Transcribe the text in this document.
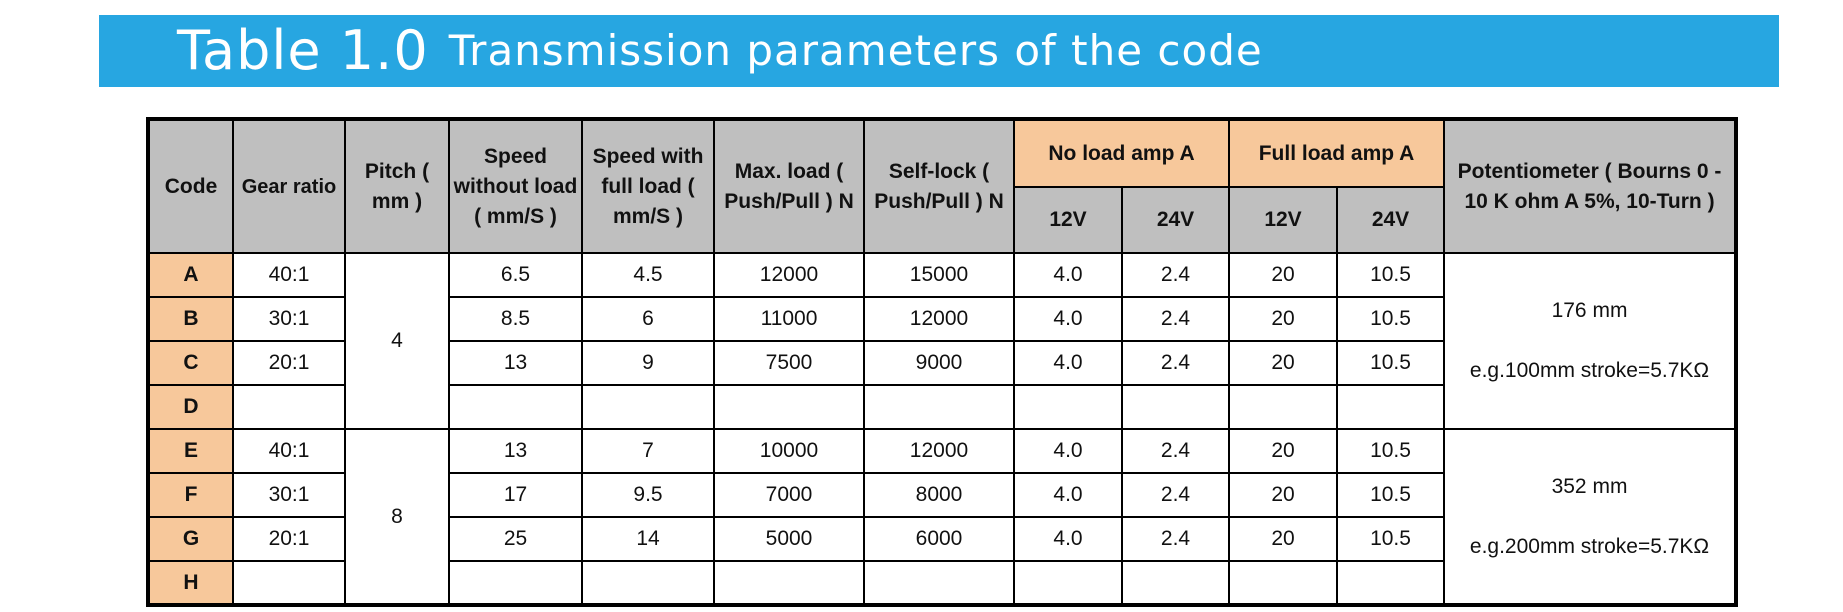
Table 1.0 Transmission parameters of the code
Code	Gear ratio	Pitch ( mm )	Speed without load ( mm/S )	Speed with full load ( mm/S )	Max. load ( Push/Pull ) N	Self-lock ( Push/Pull ) N	No load amp A		Full load amp A		Potentiometer ( Bourns 0 - 10 K ohm A 5%, 10-Turn )
							12V	24V	12V	24V	
A	40:1	4	6.5	4.5	12000	15000	4.0	2.4	20	10.5	176 mm
e.g.100mm stroke=5.7KΩ

B	30:1		8.5	6	11000	12000	4.0	2.4	20	10.5	
C	20:1		13	9	7500	9000	4.0	2.4	20	10.5	
D											
E	40:1	8	13	7	10000	12000	4.0	2.4	20	10.5	352 mm
e.g.200mm stroke=5.7KΩ

F	30:1		17	9.5	7000	8000	4.0	2.4	20	10.5	
G	20:1		25	14	5000	6000	4.0	2.4	20	10.5	
H											
